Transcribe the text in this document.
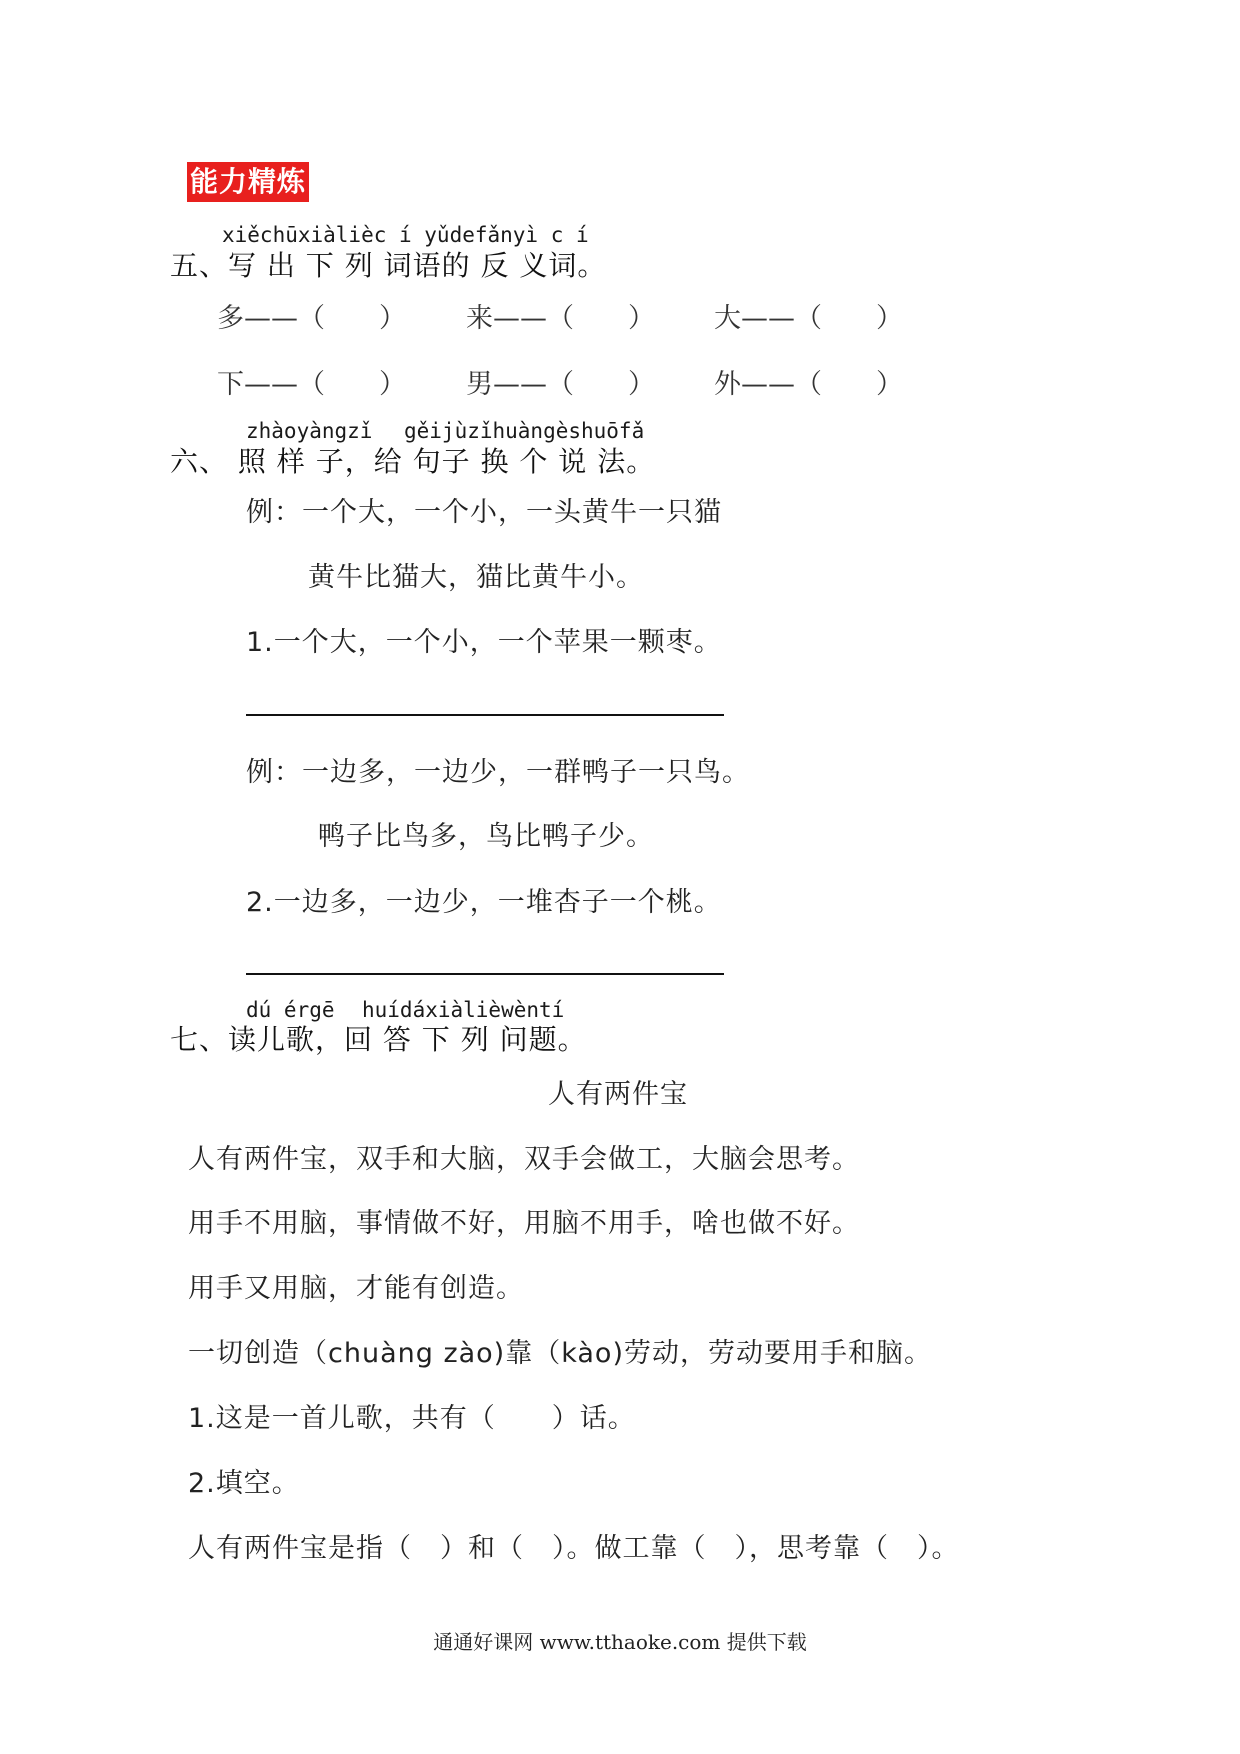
能力精炼
xiěchūxiàlièc í yǔdefǎnyì c í
五、写 出 下 列 词语的 反 义词。
多——（　　） 来——（　　） 大——（　　）
下——（　　） 男——（　　） 外——（　　）
zhàoyàngzǐ gěijùzǐhuàngèshuōfǎ
六、 照 样 子，给 句子 换 个 说 法。
例：一个大，一个小，一头黄牛一只猫
黄牛比猫大，猫比黄牛小。
1.一个大，一个小，一个苹果一颗枣。
例：一边多，一边少，一群鸭子一只鸟。
鸭子比鸟多，鸟比鸭子少。
2.一边多，一边少，一堆杏子一个桃。
dú érgē huídáxiàlièwèntí
七、读儿歌，回 答 下 列 问题。
人有两件宝
人有两件宝，双手和大脑，双手会做工，大脑会思考。
用手不用脑，事情做不好，用脑不用手，啥也做不好。
用手又用脑，才能有创造。
一切创造（chuàng zào)靠（kào)劳动，劳动要用手和脑。
1.这是一首儿歌，共有（　　）话。
2.填空。
人有两件宝是指（　）和（　）。做工靠（　），思考靠（　）。
通通好课网 www.tthaoke.com 提供下载
